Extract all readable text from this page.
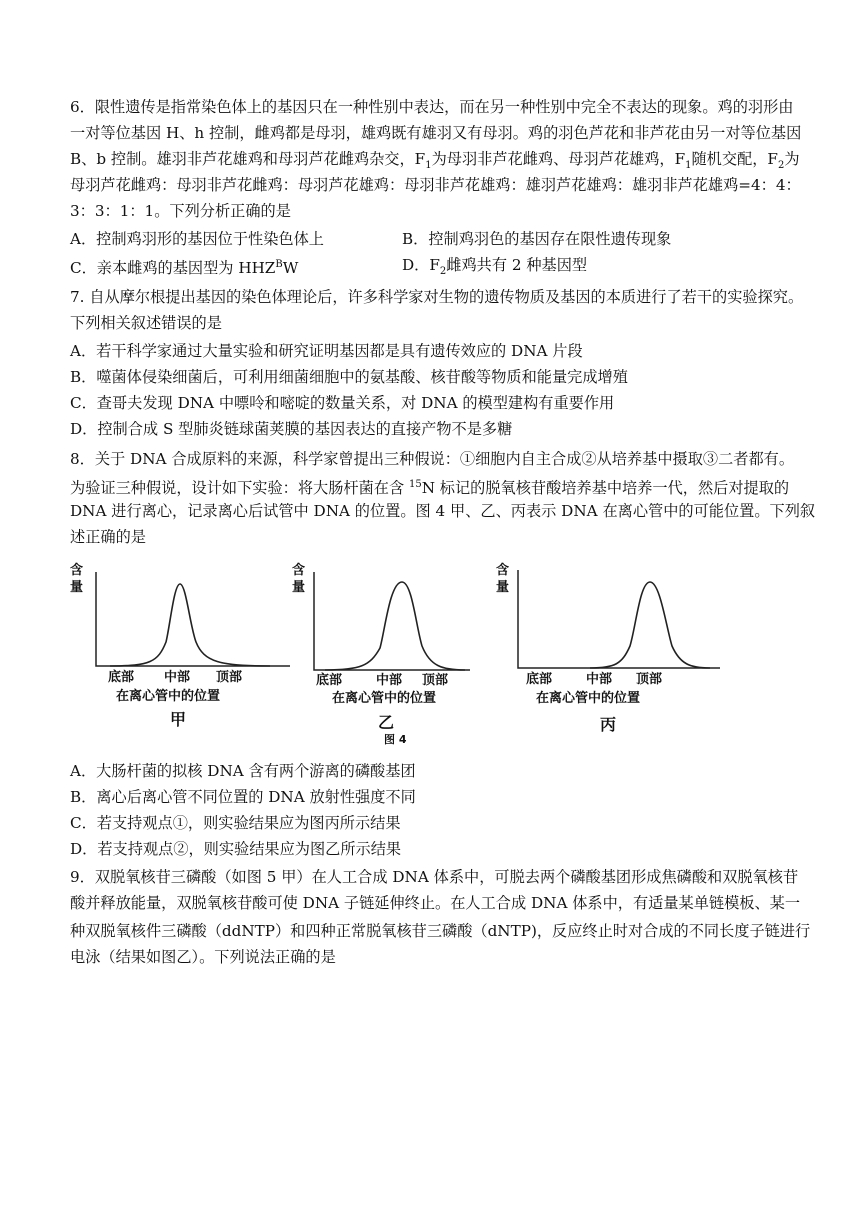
6．限性遗传是指常染色体上的基因只在一种性别中表达，而在另一种性别中完全不表达的现象。鸡的羽形由
一对等位基因 H、h 控制，雌鸡都是母羽，雄鸡既有雄羽又有母羽。鸡的羽色芦花和非芦花由另一对等位基因
B、b 控制。雄羽非芦花雄鸡和母羽芦花雌鸡杂交，$F_1$为母羽非芦花雌鸡、母羽芦花雄鸡，$F_1$随机交配，$F_2$为
母羽芦花雌鸡：母羽非芦花雌鸡：母羽芦花雄鸡：母羽非芦花雄鸡：雄羽芦花雄鸡：雄羽非芦花雄鸡=4：4：
3：3：1：1。下列分析正确的是
A．控制鸡羽形的基因位于性染色体上	B．控制鸡羽色的基因存在限性遗传现象
C．亲本雌鸡的基因型为 $HHZ^BW$	D．$F_2$雌鸡共有 2 种基因型
7. 自从摩尔根提出基因的染色体理论后，许多科学家对生物的遗传物质及基因的本质进行了若干的实验探究。
下列相关叙述错误的是
A．若干科学家通过大量实验和研究证明基因都是具有遗传效应的 DNA 片段
B．噬菌体侵染细菌后，可利用细菌细胞中的氨基酸、核苷酸等物质和能量完成增殖
C．查哥夫发现 DNA 中嘌呤和嘧啶的数量关系，对 DNA 的模型建构有重要作用
D．控制合成 S 型肺炎链球菌荚膜的基因表达的直接产物不是多糖
8．关于 DNA 合成原料的来源，科学家曾提出三种假说：①细胞内自主合成②从培养基中摄取③二者都有。
为验证三种假说，设计如下实验：将大肠杆菌在含 $^{15}$N 标记的脱氧核苷酸培养基中培养一代，然后对提取的
DNA 进行离心，记录离心后试管中 DNA 的位置。图 4 甲、乙、丙表示 DNA 在离心管中的可能位置。下列叙
述正确的是
含
量
底部 中部 顶部
在离心管中的位置
甲
含
量
底部	中部 顶部
在离心管中的位置
乙
图 4
含
量
底部	中部 顶部
在离心管中的位置
丙
A．大肠杆菌的拟核 DNA 含有两个游离的磷酸基团
B．离心后离心管不同位置的 DNA 放射性强度不同
C．若支持观点①，则实验结果应为图丙所示结果
D．若支持观点②，则实验结果应为图乙所示结果
9．双脱氧核苷三磷酸（如图 5 甲）在人工合成 DNA 体系中，可脱去两个磷酸基团形成焦磷酸和双脱氧核苷
酸并释放能量，双脱氧核苷酸可使 DNA 子链延伸终止。在人工合成 DNA 体系中，有适量某单链模板、某一
种双脱氧核件三磷酸（ddNTP）和四种正常脱氧核苷三磷酸（dNTP)，反应终止时对合成的不同长度子链进行
电泳（结果如图乙）。下列说法正确的是
